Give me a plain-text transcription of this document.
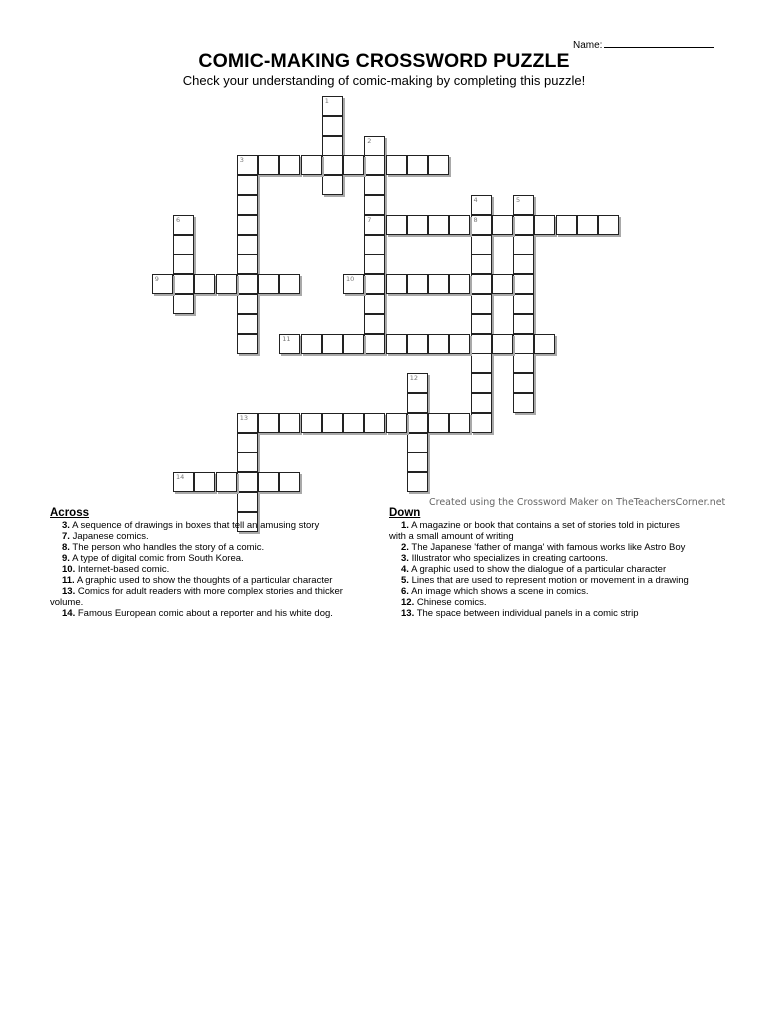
Name:
COMIC-MAKING CROSSWORD PUZZLE
Check your understanding of comic-making by completing this puzzle!
1
2
7
3
4
8
5
6
9	10
11
12
13
14
Created using the Crossword Maker on TheTeachersCorner.net
Across
3. A sequence of drawings in boxes that tell an amusing story
7. Japanese comics.
8. The person who handles the story of a comic.
9. A type of digital comic from South Korea.
10. Internet-based comic.
11. A graphic used to show the thoughts of a particular character
13. Comics for adult readers with more complex stories and thicker
volume.
14. Famous European comic about a reporter and his white dog.
Down
1. A magazine or book that contains a set of stories told in pictures
with a small amount of writing
2. The Japanese 'father of manga' with famous works like Astro Boy
3. Illustrator who specializes in creating cartoons.
4. A graphic used to show the dialogue of a particular character
5. Lines that are used to represent motion or movement in a drawing
6. An image which shows a scene in comics.
12. Chinese comics.
13. The space between individual panels in a comic strip
